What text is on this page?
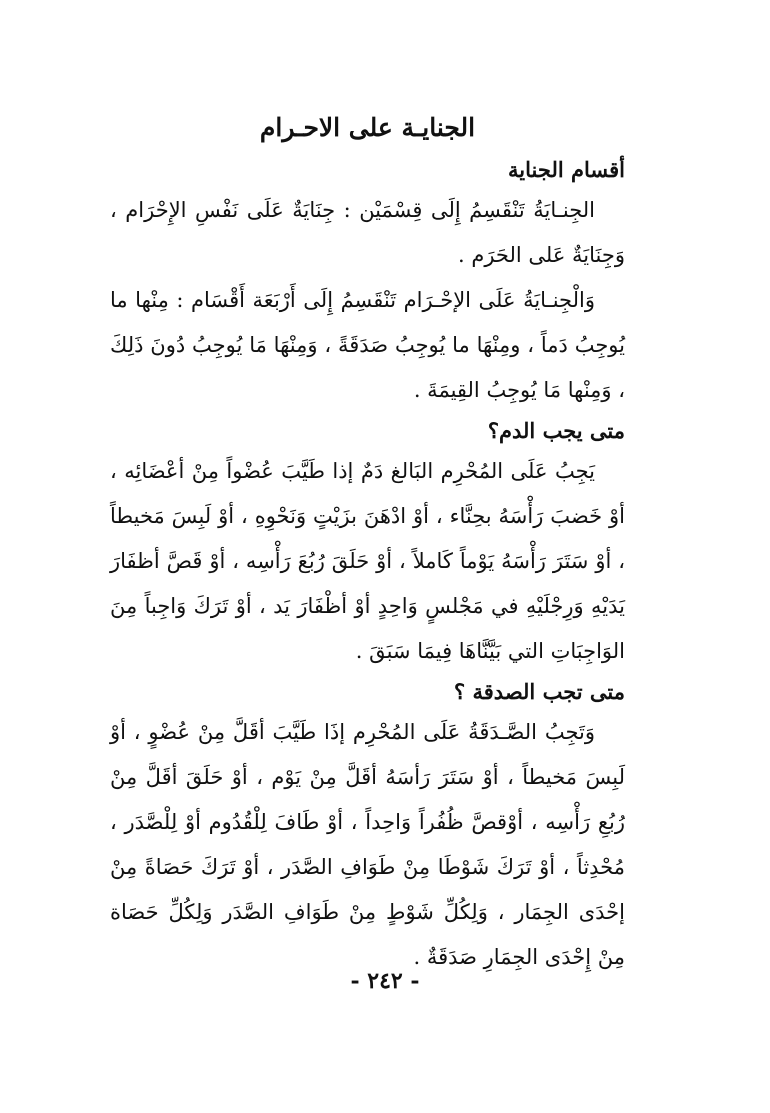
الجنايـة على الاحـرام
أقسام الجناية

الجِنـايَةُ تَنْقَسِمُ إِلَى قِسْمَيْن : جِنَايَةٌ عَلَى نَفْسِ الإِحْرَام ، وَجِنَايَةٌ عَلى الحَرَم .

وَالْجِنـايَةُ عَلَى الإحْـرَام تَنْقَسِمُ إِلَى أَرْبَعَة أَقْسَام : مِنْها ما يُوجِبُ دَماً ، ومِنْهَا ما يُوجِبُ صَدَقَةً ، وَمِنْهَا مَا يُوجِبُ دُونَ ذَلِكَ ، وَمِنْها مَا يُوجِبُ القِيمَةَ .

متى يجب الدم؟

يَجِبُ عَلَى المُحْرِم البَالغ دَمٌ إذا طَيَّبَ عُضْواً مِنْ أعْضَائِه ، أوْ خَضبَ رَأْسَهُ بحِنَّاء ، أوْ ادْهَنَ بزَيْتٍ وَنَحْوِهِ ، أوْ لَبِسَ مَخيطاً ، أوْ سَتَرَ رَأْسَهُ يَوْماً كَاملاً ، أوْ حَلَقَ رُبُعَ رَأْسِه ، أوْ قَصَّ أظفَارَ يَدَيْهِ وَرِجْلَيْهِ في مَجْلسٍ وَاحِدٍ أوْ أظْفَارَ يَد ، أوْ تَرَكَ وَاجِباً مِنَ الوَاجِبَاتِ التي بَيَّنَّاهَا فِيمَا سَبَقَ .

متى تجب الصدقة ؟

وَتَجِبُ الصَّـدَقَةُ عَلَى المُحْرِم إذَا طَيَّبَ أقَلَّ مِنْ عُضْوٍ ، أوْ لَبِسَ مَخيطاً ، أوْ سَتَرَ رَأسَهُ أقَلَّ مِنْ يَوْم ، أوْ حَلَقَ أقَلَّ مِنْ رُبُعِ رَأْسِه ، أوْقصَّ ظُفُراً وَاحِداً ، أوْ طَافَ لِلْقُدُوم أوْ لِلْصَّدَر ، مُحْدِثاً ، أوْ تَرَكَ شَوْطَا مِنْ طَوَافِ الصَّدَر ، أوْ تَرَكَ حَصَاةً مِنْ إحْدَى الجِمَار ، وَلِكُلِّ شَوْطٍ مِنْ طَوَافِ الصَّدَر وَلِكُلِّ حَصَاة مِنْ إِحْدَى الجِمَارِ صَدَقَةٌ .

- ٢٤٢ -
